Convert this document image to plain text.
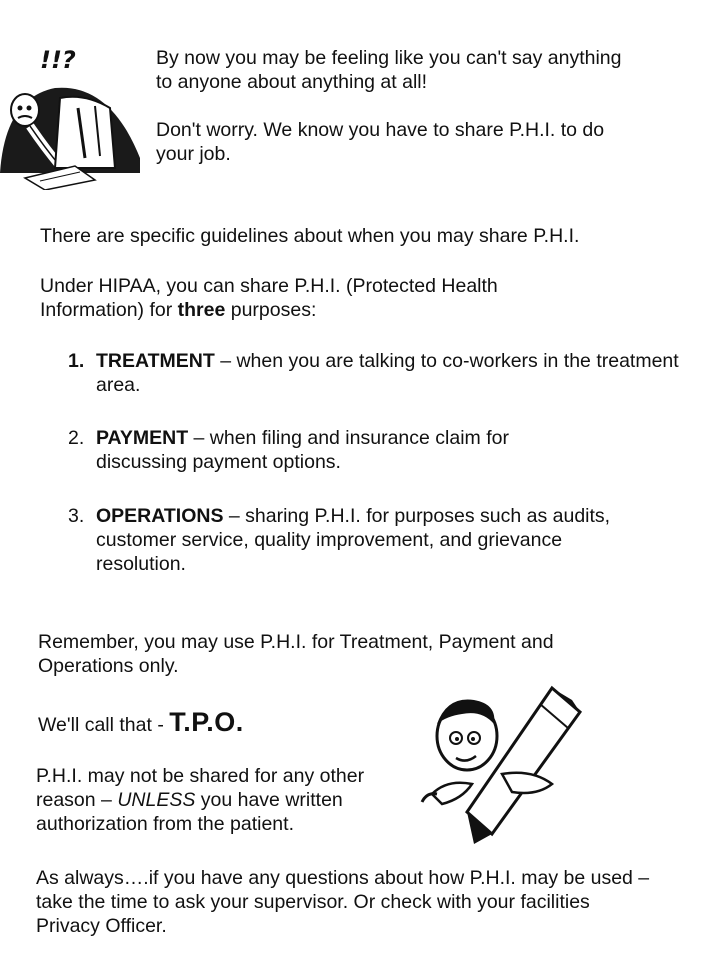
!!?	By now you may be feeling like you can't say anything to anyone about anything at all!

Don't worry. We know you have to share P.H.I. to do your job.

There are specific guidelines about when you may share P.H.I.

Under HIPAA, you can share P.H.I. (Protected Health Information) for three purposes:

1. TREATMENT – when you are talking to co-workers in the treatment area.
2. PAYMENT – when filing and insurance claim for discussing payment options.
3. OPERATIONS – sharing P.H.I. for purposes such as audits, customer service, quality improvement, and grievance resolution.

Remember, you may use P.H.I. for Treatment, Payment and Operations only.

We'll call that - T.P.O.

P.H.I. may not be shared for any other reason – UNLESS you have written authorization from the patient.

As always….if you have any questions about how P.H.I. may be used – take the time to ask your supervisor. Or check with your facilities Privacy Officer.
